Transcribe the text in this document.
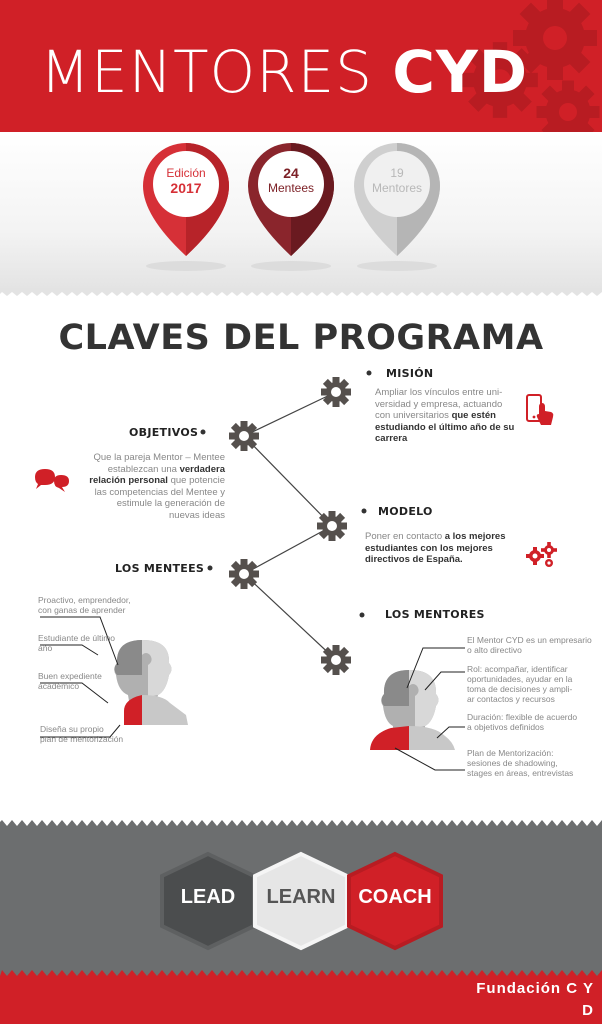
MENTORES CYD
Edición
2017
24
Mentees
19
Mentores
CLAVES DEL PROGRAMA
MISIÓN
Ampliar los vínculos entre uni-
versidad y empresa, actuando
con universitarios que estén
estudiando el último año de su
carrera
OBJETIVOS
Que la pareja Mentor – Mentee
establezcan una verdadera
relación personal que potencie
las competencias del Mentee y
estimule la generación de
nuevas ideas	MODELO
Poner en contacto a los mejores
estudiantes con los mejores
directivos de España.
LOS MENTEES
Proactivo, emprendedor,
con ganas de aprender
Estudiante de último
año
Buen expediente
académico
Diseña su propio
plan de mentorización
LOS MENTORES
El Mentor CYD es un empresario
o alto directivo
Rol: acompañar, identificar
oportunidades, ayudar en la
toma de decisiones y ampli-
ar contactos y recursos
Duración: flexible de acuerdo
a objetivos definidos
Plan de Mentorización:
sesiones de shadowing,
stages en áreas, entrevistas
LEAD	LEARN	COACH
Fundación C Y
D
